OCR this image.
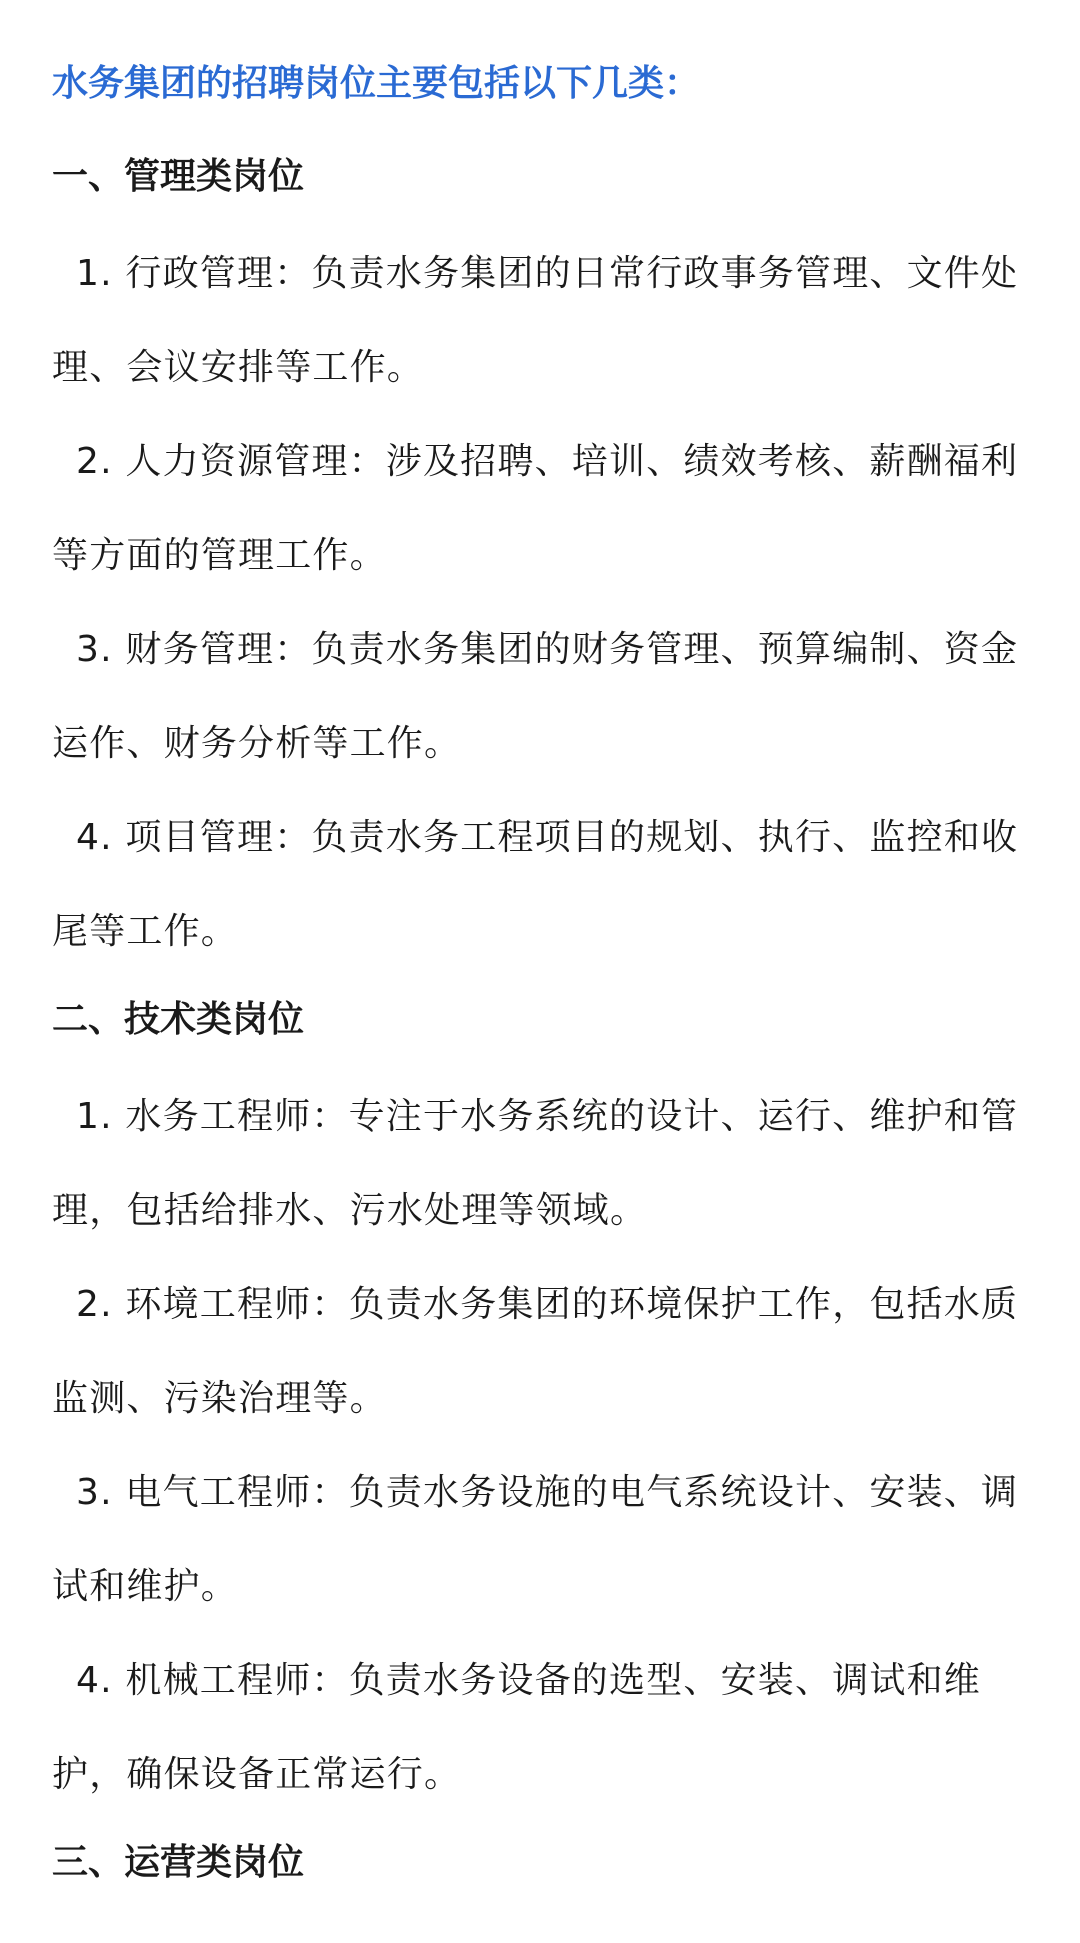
水务集团的招聘岗位主要包括以下几类：
一、管理类岗位

1. 行政管理：负责水务集团的日常行政事务管理、文件处理、会议安排等工作。

2. 人力资源管理：涉及招聘、培训、绩效考核、薪酬福利等方面的管理工作。

3. 财务管理：负责水务集团的财务管理、预算编制、资金运作、财务分析等工作。

4. 项目管理：负责水务工程项目的规划、执行、监控和收尾等工作。

二、技术类岗位

1. 水务工程师：专注于水务系统的设计、运行、维护和管理，包括给排水、污水处理等领域。

2. 环境工程师：负责水务集团的环境保护工作，包括水质监测、污染治理等。

3. 电气工程师：负责水务设施的电气系统设计、安装、调试和维护。

4. 机械工程师：负责水务设备的选型、安装、调试和维护，确保设备正常运行。

三、运营类岗位
